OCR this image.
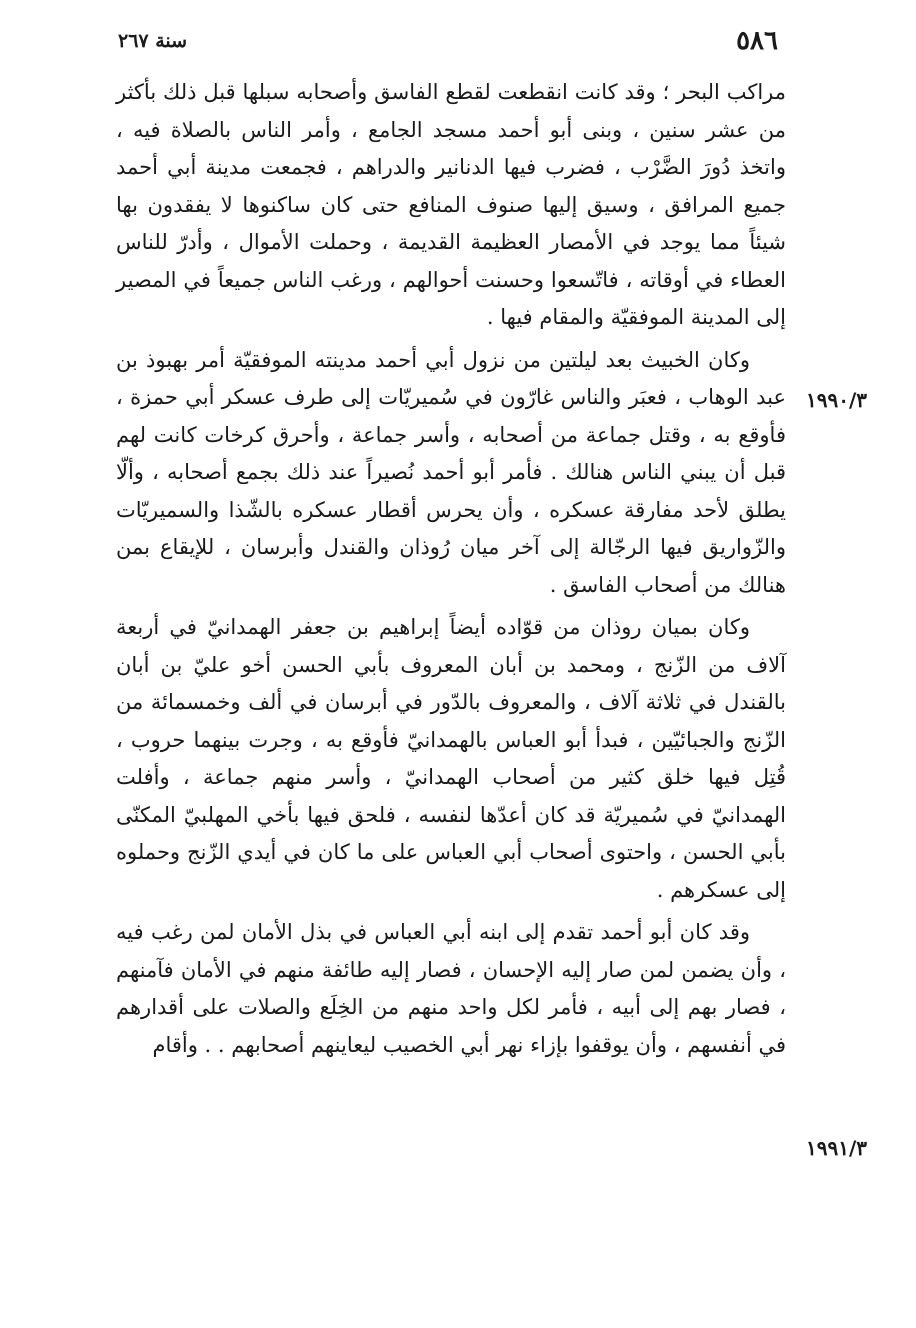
٥٨٦
سنة ٢٦٧
١٩٩٠/٣
١٩٩١/٣

مراكب البحر ؛ وقد كانت انقطعت لقطع الفاسق وأصحابه سبلها قبل ذلك بأكثر من عشر سنين ، وبنى أبو أحمد مسجد الجامع ، وأمر الناس بالصلاة فيه ، واتخذ دُورَ الضَّرْب ، فضرب فيها الدنانير والدراهم ، فجمعت مدينة أبي أحمد جميع المرافق ، وسيق إليها صنوف المنافع حتى كان ساكنوها لا يفقدون بها شيئاً مما يوجد في الأمصار العظيمة القديمة ، وحملت الأموال ، وأدرّ للناس العطاء في أوقاته ، فاتّسعوا وحسنت أحوالهم ، ورغب الناس جميعاً في المصير إلى المدينة الموفقيّة والمقام فيها .

وكان الخبيث بعد ليلتين من نزول أبي أحمد مدينته الموفقيّة أمر بهبوذ بن عبد الوهاب ، فعبَر والناس غارّون في سُميريّات إلى طرف عسكر أبي حمزة ، فأوقع به ، وقتل جماعة من أصحابه ، وأسر جماعة ، وأحرق كرخات كانت لهم قبل أن يبني الناس هنالك . فأمر أبو أحمد نُصيراً عند ذلك بجمع أصحابه ، وألّا يطلق لأحد مفارقة عسكره ، وأن يحرس أقطار عسكره بالشّذا والسميريّات والزّواريق فيها الرجّالة إلى آخر ميان رُوذان والقندل وأبرسان ، للإيقاع بمن هنالك من أصحاب الفاسق .

وكان بميان روذان من قوّاده أيضاً إبراهيم بن جعفر الهمدانيّ في أربعة آلاف من الزّنج ، ومحمد بن أبان المعروف بأبي الحسن أخو عليّ بن أبان بالقندل في ثلاثة آلاف ، والمعروف بالدّور في أبرسان في ألف وخمسمائة من الزّنج والجبائيّين ، فبدأ أبو العباس بالهمدانيّ فأوقع به ، وجرت بينهما حروب ، قُتِل فيها خلق كثير من أصحاب الهمدانيّ ، وأسر منهم جماعة ، وأفلت الهمدانيّ في سُميريّة قد كان أعدّها لنفسه ، فلحق فيها بأخي المهلبيّ المكنّى بأبي الحسن ، واحتوى أصحاب أبي العباس على ما كان في أيدي الزّنج وحملوه إلى عسكرهم .

وقد كان أبو أحمد تقدم إلى ابنه أبي العباس في بذل الأمان لمن رغب فيه ، وأن يضمن لمن صار إليه الإحسان ، فصار إليه طائفة منهم في الأمان فآمنهم ، فصار بهم إلى أبيه ، فأمر لكل واحد منهم من الخِلَع والصلات على أقدارهم في أنفسهم ، وأن يوقفوا بإزاء نهر أبي الخصيب ليعاينهم أصحابهم . . وأقام
